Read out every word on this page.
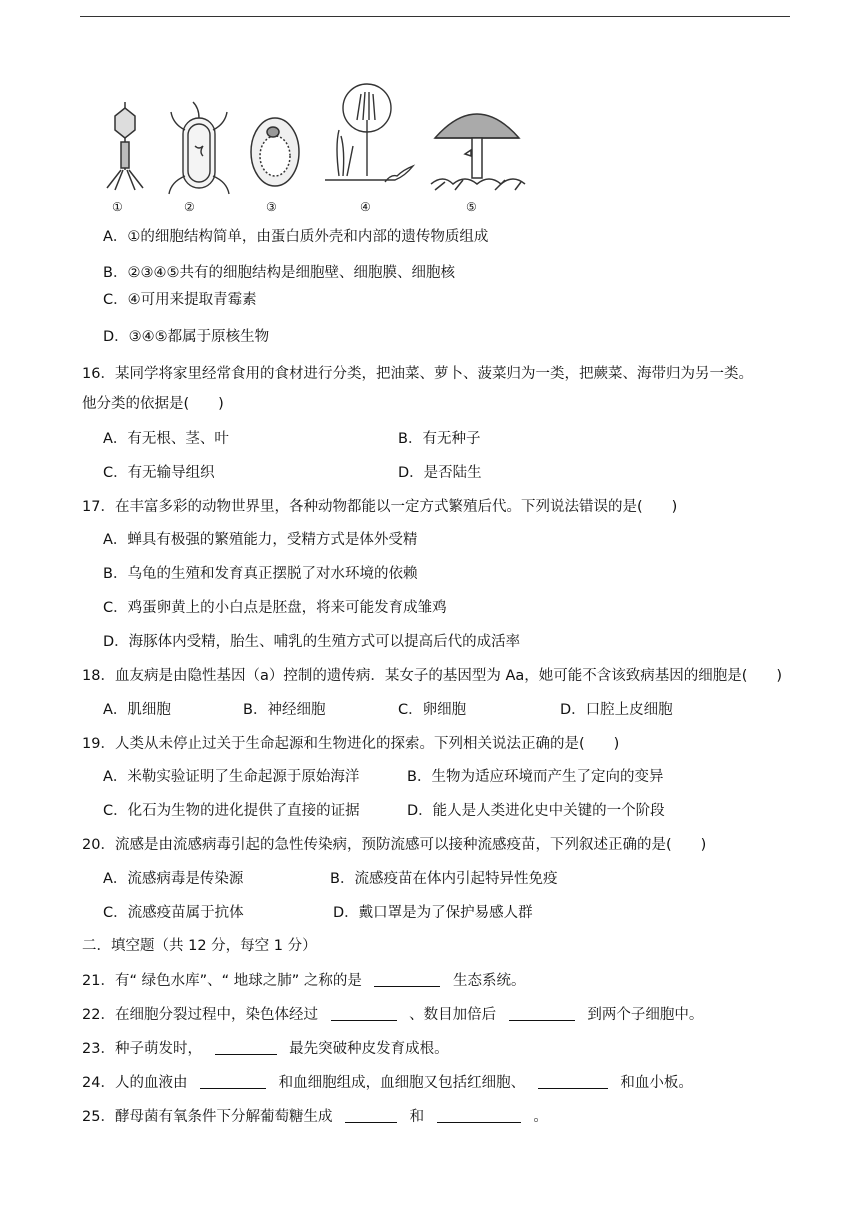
①	②	③	④	⑤
A．①的细胞结构简单，由蛋白质外壳和内部的遗传物质组成
B．②③④⑤共有的细胞结构是细胞壁、细胞膜、细胞核
C．④可用来提取青霉素
D．③④⑤都属于原核生物
16．某同学将家里经常食用的食材进行分类，把油菜、萝卜、菠菜归为一类，把蕨菜、海带归为另一类。
他分类的依据是(　　)
A．有无根、茎、叶	B．有无种子
C．有无输导组织	D．是否陆生
17．在丰富多彩的动物世界里，各种动物都能以一定方式繁殖后代。下列说法错误的是(　　)
A．蝉具有极强的繁殖能力，受精方式是体外受精
B．乌龟的生殖和发育真正摆脱了对水环境的依赖
C．鸡蛋卵黄上的小白点是胚盘，将来可能发育成雏鸡
D．海豚体内受精，胎生、哺乳的生殖方式可以提高后代的成活率
18．血友病是由隐性基因（a）控制的遗传病．某女子的基因型为 Aa，她可能不含该致病基因的细胞是(　　)
A．肌细胞	B．神经细胞	C．卵细胞	D．口腔上皮细胞
19．人类从未停止过关于生命起源和生物进化的探索。下列相关说法正确的是(　　)
A．米勒实验证明了生命起源于原始海洋	B．生物为适应环境而产生了定向的变异
C．化石为生物的进化提供了直接的证据	D．能人是人类进化史中关键的一个阶段
20．流感是由流感病毒引起的急性传染病，预防流感可以接种流感疫苗，下列叙述正确的是(　　)
A．流感病毒是传染源	B．流感疫苗在体内引起特异性免疫
C．流感疫苗属于抗体	D．戴口罩是为了保护易感人群
二．填空题（共 12 分，每空 1 分）
21．有“ 绿色水库”、“ 地球之肺” 之称的是	生态系统。
22．在细胞分裂过程中，染色体经过	、数目加倍后	到两个子细胞中。
23．种子萌发时，	最先突破种皮发育成根。
24．人的血液由	和血细胞组成，血细胞又包括红细胞、	和血小板。
25．酵母菌有氧条件下分解葡萄糖生成	和	。
